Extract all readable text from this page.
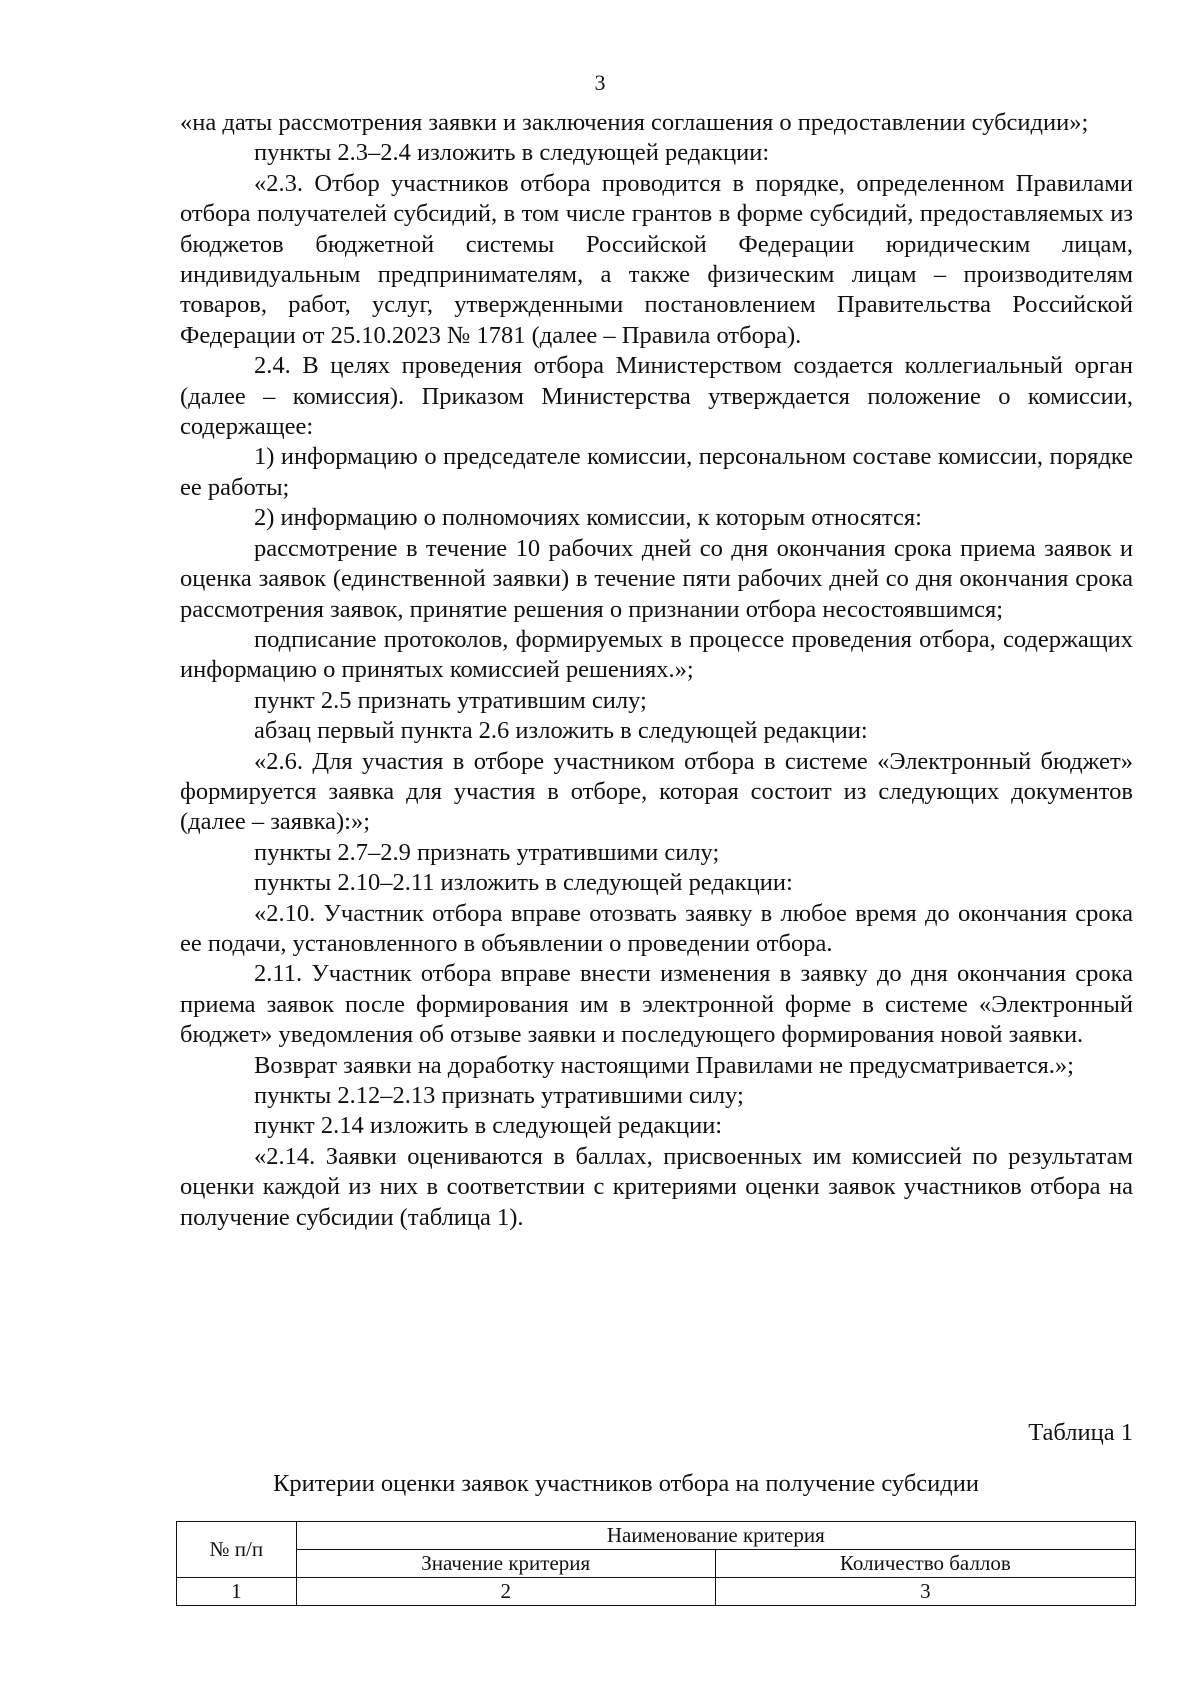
3

«на даты рассмотрения заявки и заключения соглашения о предоставлении субсидии»;

пункты 2.3–2.4 изложить в следующей редакции:

«2.3. Отбор участников отбора проводится в порядке, определенном Правилами отбора получателей субсидий, в том числе грантов в форме субсидий, предоставляемых из бюджетов бюджетной системы Российской Федерации юридическим лицам, индивидуальным предпринимателям, а также физическим лицам – производителям товаров, работ, услуг, утвержденными постановлением Правительства Российской Федерации от 25.10.2023 № 1781 (далее – Правила отбора).

2.4. В целях проведения отбора Министерством создается коллегиальный орган (далее – комиссия). Приказом Министерства утверждается положение о комиссии, содержащее:

1) информацию о председателе комиссии, персональном составе комиссии, порядке ее работы;

2) информацию о полномочиях комиссии, к которым относятся:

рассмотрение в течение 10 рабочих дней со дня окончания срока приема заявок и оценка заявок (единственной заявки) в течение пяти рабочих дней со дня окончания срока рассмотрения заявок, принятие решения о признании отбора несостоявшимся;

подписание протоколов, формируемых в процессе проведения отбора, содержащих информацию о принятых комиссией решениях.»;

пункт 2.5 признать утратившим силу;

абзац первый пункта 2.6 изложить в следующей редакции:

«2.6. Для участия в отборе участником отбора в системе «Электронный бюджет» формируется заявка для участия в отборе, которая состоит из следующих документов (далее – заявка):»;

пункты 2.7–2.9 признать утратившими силу;

пункты 2.10–2.11 изложить в следующей редакции:

«2.10. Участник отбора вправе отозвать заявку в любое время до окончания срока ее подачи, установленного в объявлении о проведении отбора.

2.11. Участник отбора вправе внести изменения в заявку до дня окончания срока приема заявок после формирования им в электронной форме в системе «Электронный бюджет» уведомления об отзыве заявки и последующего формирования новой заявки.

Возврат заявки на доработку настоящими Правилами не предусматривается.»;

пункты 2.12–2.13 признать утратившими силу;

пункт 2.14 изложить в следующей редакции:

«2.14. Заявки оцениваются в баллах, присвоенных им комиссией по результатам оценки каждой из них в соответствии с критериями оценки заявок участников отбора на получение субсидии (таблица 1).

Таблица 1
Критерии оценки заявок участников отбора на получение субсидии
№ п/п	Наименование критерия	
	Значение критерия	Количество баллов
1	2	3
